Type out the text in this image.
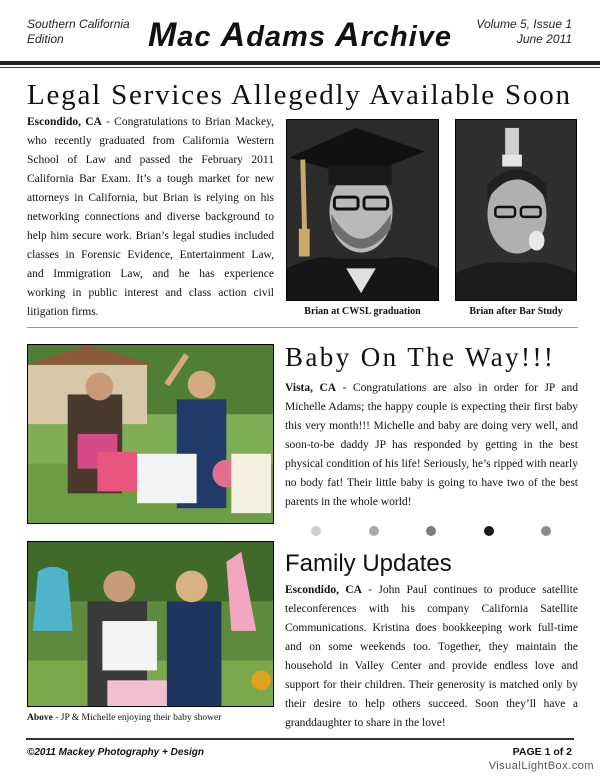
Southern California
Edition	Mac Adams Archive	Volume 5, Issue 1
June 2011
Legal Services Allegedly Available Soon
Escondido, CA - Congratulations to Brian Mackey, who recently graduated from California Western School of Law and passed the February 2011 California Bar Exam. It’s a tough market for new attorneys in California, but Brian is relying on his networking connections and diverse background to help him secure work. Brian’s legal studies included classes in Forensic Evidence, Entertainment Law, and Immigration Law, and he has experience working in public interest and class action civil litigation firms.	Brian at CWSL graduation	Brian after Bar Study
Baby On The Way!!!
Vista, CA - Congratulations are also in order for JP and Michelle Adams; the happy couple is expecting their first baby this very month!!! Michelle and baby are doing very well, and soon-to-be daddy JP has responded by getting in the best physical condition of his life! Seriously, he’s ripped with nearly no body fat! Their little baby is going to have two of the best parents in the whole world!
Above - JP & Michelle enjoying their baby shower
Family Updates
Escondido, CA - John Paul continues to produce satellite teleconferences with his company California Satellite Communications. Kristina does bookkeeping work full-time and on some weekends too. Together, they maintain the household in Valley Center and provide endless love and support for their children. Their generosity is matched only by their desire to help others succeed. Soon they’ll have a granddaughter to share in the love!
©2011 Mackey Photography + Design	PAGE 1 of 2
VisualLightBox.com
